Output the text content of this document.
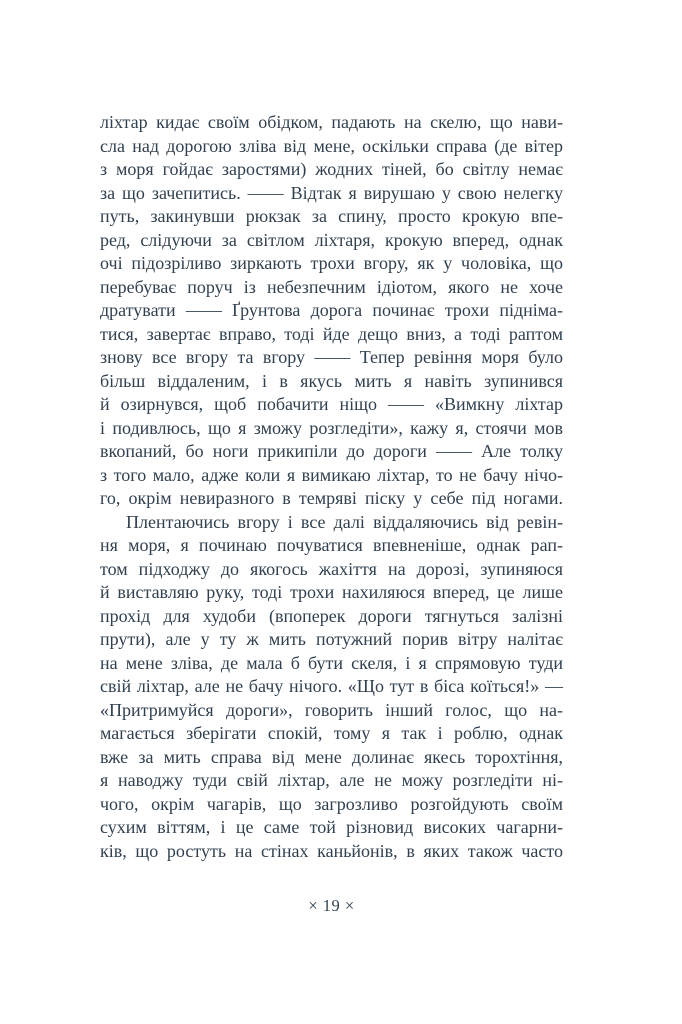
ліхтар кидає своїм обідком, падають на скелю, що нави-
сла над дорогою зліва від мене, оскільки справа (де вітер
з моря гойдає заростями) жодних тіней, бо світлу немає
за що зачепитись. —— Відтак я вирушаю у свою нелегку
путь, закинувши рюкзак за спину, просто крокую впе-
ред, слідуючи за світлом ліхтаря, крокую вперед, однак
очі підозріливо зиркають трохи вгору, як у чоловіка, що
перебуває поруч із небезпечним ідіотом, якого не хоче
дратувати —— Ґрунтова дорога починає трохи підніма-
тися, завертає вправо, тоді йде дещо вниз, а тоді раптом
знову все вгору та вгору —— Тепер ревіння моря було
більш віддаленим, і в якусь мить я навіть зупинився
й озирнувся, щоб побачити ніщо —— «Вимкну ліхтар
і подивлюсь, що я зможу розгледіти», кажу я, стоячи мов
вкопаний, бо ноги прикипіли до дороги —— Але толку
з того мало, адже коли я вимикаю ліхтар, то не бачу нічо-
го, окрім невиразного в темряві піску у себе під ногами.
Плентаючись вгору і все далі віддаляючись від ревін-
ня моря, я починаю почуватися впевненіше, однак рап-
том підходжу до якогось жахіття на дорозі, зупиняюся
й виставляю руку, тоді трохи нахиляюся вперед, це лише
прохід для худоби (впоперек дороги тягнуться залізні
прути), але у ту ж мить потужний порив вітру налітає
на мене зліва, де мала б бути скеля, і я спрямовую туди
свій ліхтар, але не бачу нічого. «Що тут в біса коїться!» —
«Притримуйся дороги», говорить інший голос, що на-
магається зберігати спокій, тому я так і роблю, однак
вже за мить справа від мене долинає якесь торохтіння,
я наводжу туди свій ліхтар, але не можу розгледіти ні-
чого, окрім чагарів, що загрозливо розгойдують своїм
сухим віттям, і це саме той різновид високих чагарни-
ків, що ростуть на стінах каньйонів, в яких також часто
× 19 ×
